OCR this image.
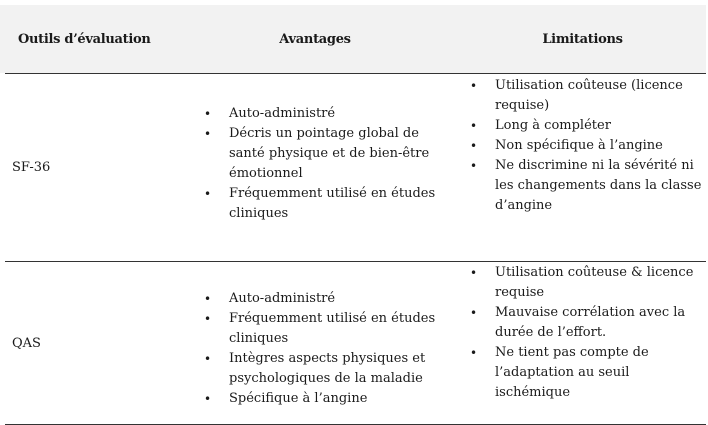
Outils d’évaluation	Avantages	Limitations
SF-36
• Auto-administré
• Décris un pointage global de santé physique et de bien-être émotionnel
• Fréquemment utilisé en études cliniques
• Utilisation coûteuse (licence requise)
• Long à compléter
• Non spécifique à l’angine
• Ne discrimine ni la sévérité ni les changements dans la classe d’angine
QAS
• Auto-administré
• Fréquemment utilisé en études cliniques
• Intègres aspects physiques et psychologiques de la maladie
• Spécifique à l’angine
• Utilisation coûteuse & licence requise
• Mauvaise corrélation avec la durée de l’effort.
• Ne tient pas compte de l’adaptation au seuil ischémique
